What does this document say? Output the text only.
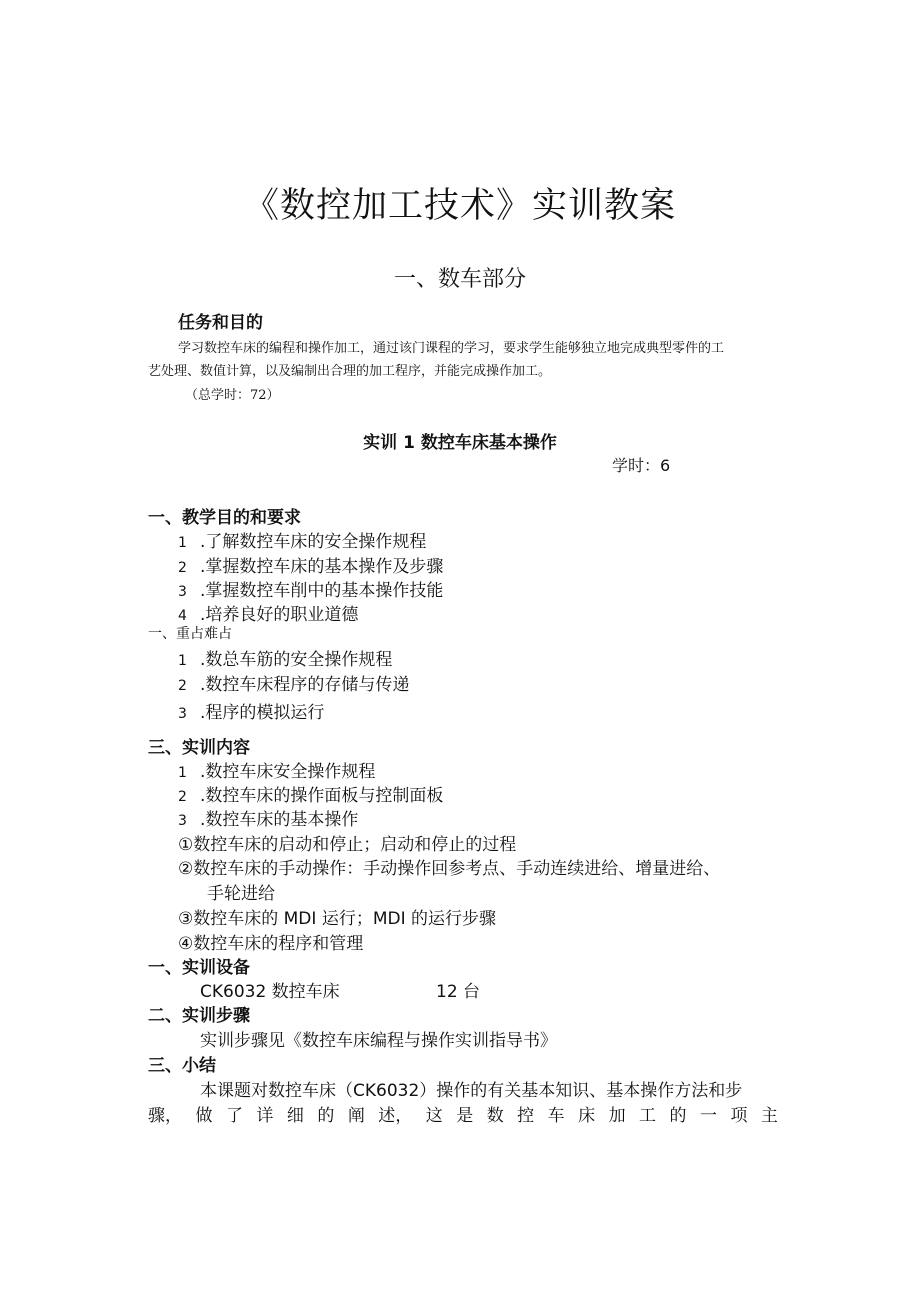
《数控加工技术》实训教案
一、数车部分
任务和目的
学习数控车床的编程和操作加工，通过该门课程的学习，要求学生能够独立地完成典型零件的工
艺处理、数值计算，以及编制出合理的加工程序，并能完成操作加工。
（总学时：72）
实训 1 数控车床基本操作
学时：6
一、教学目的和要求
1 .了解数控车床的安全操作规程
2 .掌握数控车床的基本操作及步骤
3 .掌握数控车削中的基本操作技能
4 .培养良好的职业道德
一、重占难占
1 .数总车筋的安全操作规程
2 .数控车床程序的存储与传递
3 .程序的模拟运行
三、实训内容
1 .数控车床安全操作规程
2 .数控车床的操作面板与控制面板
3 .数控车床的基本操作
①数控车床的启动和停止；启动和停止的过程
②数控车床的手动操作：手动操作回参考点、手动连续进给、增量进给、
手轮进给
③数控车床的 MDI 运行；MDI 的运行步骤
④数控车床的程序和管理
一、实训设备
CK6032 数控车床	12 台
二、实训步骤
实训步骤见《数控车床编程与操作实训指导书》
三、小结
本课题对数控车床（CK6032）操作的有关基本知识、基本操作方法和步
骤， 做 了 详 细 的 阐 述， 这 是 数 控 车 床 加 工 的 一 项 主
